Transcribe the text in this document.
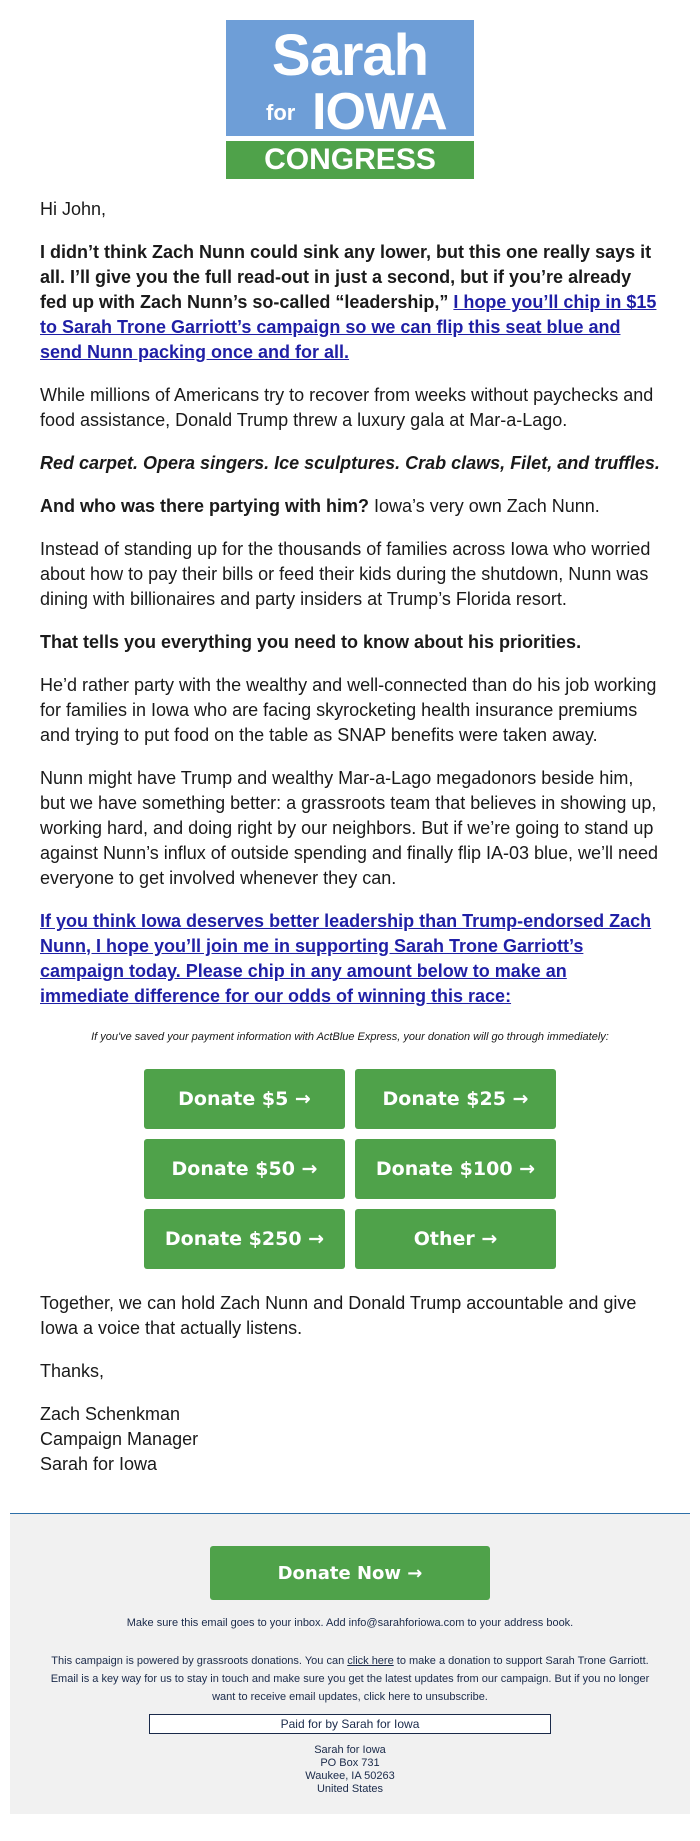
Sarah
for IOWA
CONGRESS

Hi John,

I didn’t think Zach Nunn could sink any lower, but this one really says it all. I’ll give you the full read-out in just a second, but if you’re already fed up with Zach Nunn’s so-called “leadership,” I hope you’ll chip in $15 to Sarah Trone Garriott’s campaign so we can flip this seat blue and send Nunn packing once and for all.

While millions of Americans try to recover from weeks without paychecks and food assistance, Donald Trump threw a luxury gala at Mar-a-Lago.

Red carpet. Opera singers. Ice sculptures. Crab claws, Filet, and truffles.

And who was there partying with him? Iowa’s very own Zach Nunn.

Instead of standing up for the thousands of families across Iowa who worried about how to pay their bills or feed their kids during the shutdown, Nunn was dining with billionaires and party insiders at Trump’s Florida resort.

That tells you everything you need to know about his priorities.

He’d rather party with the wealthy and well-connected than do his job working for families in Iowa who are facing skyrocketing health insurance premiums and trying to put food on the table as SNAP benefits were taken away.

Nunn might have Trump and wealthy Mar-a-Lago megadonors beside him, but we have something better: a grassroots team that believes in showing up, working hard, and doing right by our neighbors. But if we’re going to stand up against Nunn’s influx of outside spending and finally flip IA-03 blue, we’ll need everyone to get involved whenever they can.

If you think Iowa deserves better leadership than Trump-endorsed Zach Nunn, I hope you’ll join me in supporting Sarah Trone Garriott’s campaign today. Please chip in any amount below to make an immediate difference for our odds of winning this race:

If you've saved your payment information with ActBlue Express, your donation will go through immediately:
Donate $5 →	Donate $25 →
Donate $50 →	Donate $100 →
Donate $250 →	Other →

Together, we can hold Zach Nunn and Donald Trump accountable and give Iowa a voice that actually listens.

Thanks,

Zach Schenkman
Campaign Manager
Sarah for Iowa

Donate Now →

Make sure this email goes to your inbox. Add info@sarahforiowa.com to your address book.

This campaign is powered by grassroots donations. You can click here to make a donation to support Sarah Trone Garriott. Email is a key way for us to stay in touch and make sure you get the latest updates from our campaign. But if you no longer want to receive email updates, click here to unsubscribe.

Paid for by Sarah for Iowa
Sarah for Iowa
PO Box 731
Waukee, IA 50263
United States
